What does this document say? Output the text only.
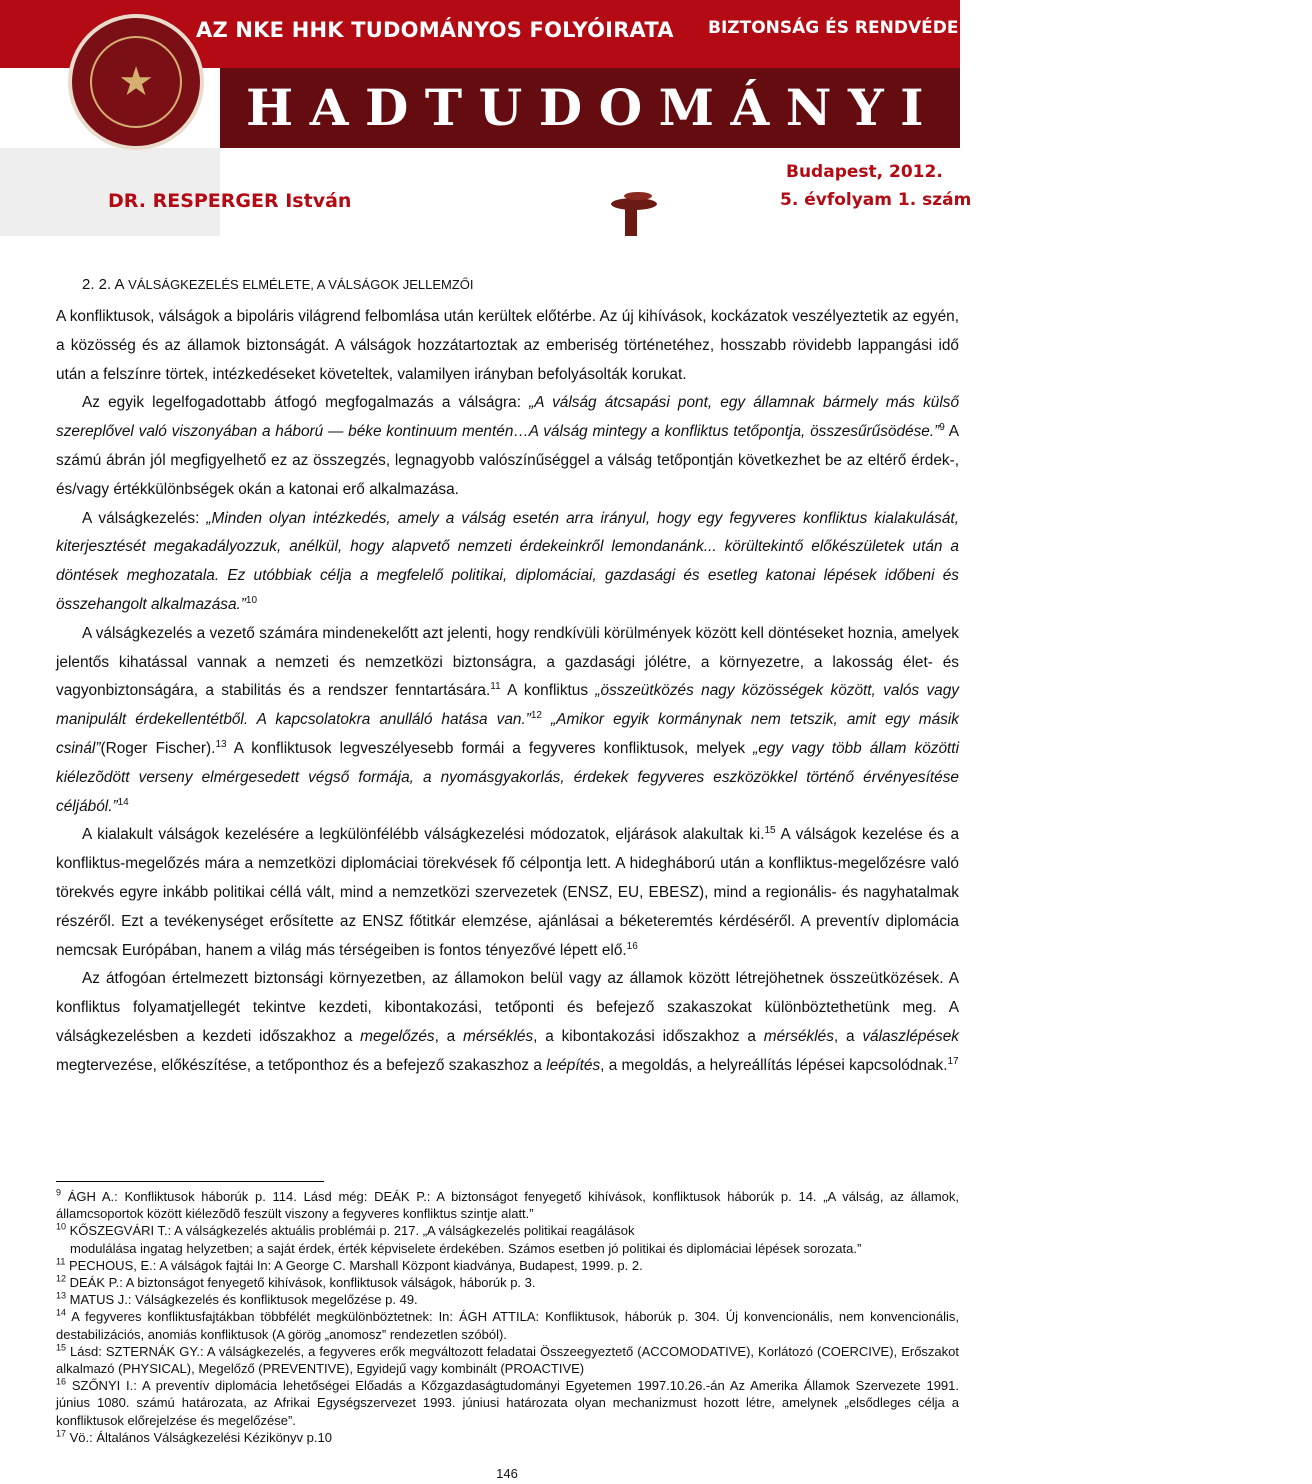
AZ NKE HHK TUDOMÁNYOS FOLYÓIRATA BIZTONSÁG ÉS RENDVÉDELEM
HADTUDOMÁNYI SZEMLE
★
DR. RESPERGER István
Budapest, 2012.
5. évfolyam 1. szám
2. 2. A VÁLSÁGKEZELÉS ELMÉLETE, A VÁLSÁGOK JELLEMZŐI

A konfliktusok, válságok a bipoláris világrend felbomlása után kerültek előtérbe. Az új kihívások, kockázatok veszélyeztetik az egyén, a közösség és az államok biztonságát. A válságok hozzátartoztak az emberiség történetéhez, hosszabb rövidebb lappangási idő után a felszínre törtek, intézkedéseket követeltek, valamilyen irányban befolyásolták korukat.

Az egyik legelfogadottabb átfogó megfogalmazás a válságra: „A válság átcsapási pont, egy államnak bármely más külső szereplővel való viszonyában a háború — béke kontinuum mentén…A válság mintegy a konfliktus tetőpontja, összesűrűsödése.”$^9$ A számú ábrán jól megfigyelhető ez az összegzés, legnagyobb valószínűséggel a válság tetőpontján következhet be az eltérő érdek-, és/vagy értékkülönbségek okán a katonai erő alkalmazása.

A válságkezelés: „Minden olyan intézkedés, amely a válság esetén arra irányul, hogy egy fegyveres konfliktus kialakulását, kiterjesztését megakadályozzuk, anélkül, hogy alapvető nemzeti érdekeinkről lemondanánk... körültekintő előkészületek után a döntések meghozatala. Ez utóbbiak célja a megfelelő politikai, diplomáciai, gazdasági és esetleg katonai lépések időbeni és összehangolt alkalmazása.”$^{10}$

A válságkezelés a vezető számára mindenekelőtt azt jelenti, hogy rendkívüli körülmények között kell döntéseket hoznia, amelyek jelentős kihatással vannak a nemzeti és nemzetközi biztonságra, a gazdasági jólétre, a környezetre, a lakosság élet- és vagyonbiztonságára, a stabilitás és a rendszer fenntartására.$^{11}$ A konfliktus „összeütközés nagy közösségek között, valós vagy manipulált érdekellentétből. A kapcsolatokra anulláló hatása van.”$^{12}$ „Amikor egyik kormánynak nem tetszik, amit egy másik csinál”(Roger Fischer).$^{13}$ A konfliktusok legveszélyesebb formái a fegyveres konfliktusok, melyek „egy vagy több állam közötti kiélezõdött verseny elmérgesedett végső formája, a nyomásgyakorlás, érdekek fegyveres eszközökkel történő érvényesítése céljából.”$^{14}$

A kialakult válságok kezelésére a legkülönfélébb válságkezelési módozatok, eljárások alakultak ki.$^{15}$ A válságok kezelése és a konfliktus-megelőzés mára a nemzetközi diplomáciai törekvések fő célpontja lett. A hidegháború után a konfliktus-megelőzésre való törekvés egyre inkább politikai céllá vált, mind a nemzetközi szervezetek (ENSZ, EU, EBESZ), mind a regionális- és nagyhatalmak részéről. Ezt a tevékenységet erősítette az ENSZ főtitkár elemzése, ajánlásai a béketeremtés kérdéséről. A preventív diplomácia nemcsak Európában, hanem a világ más térségeiben is fontos tényezővé lépett elő.$^{16}$

Az átfogóan értelmezett biztonsági környezetben, az államokon belül vagy az államok között létrejöhetnek összeütközések. A konfliktus folyamatjellegét tekintve kezdeti, kibontakozási, tetőponti és befejező szakaszokat különböztethetünk meg. A válságkezelésben a kezdeti időszakhoz a megelőzés, a mérséklés, a kibontakozási időszakhoz a mérséklés, a válaszlépések megtervezése, előkészítése, a tetőponthoz és a befejező szakaszhoz a leépítés, a megoldás, a helyreállítás lépései kapcsolódnak.$^{17}$

$^9$ ÁGH A.: Konfliktusok háborúk p. 114. Lásd még: DEÁK P.: A biztonságot fenyegető kihívások, konfliktusok háborúk p. 14. „A válság, az államok, államcsoportok között kiélezõdõ feszült viszony a fegyveres konfliktus szintje alatt.”

$^{10}$ KŐSZEGVÁRI T.: A válságkezelés aktuális problémái p. 217. „A válságkezelés politikai reagálások

modulálása ingatag helyzetben; a saját érdek, érték képviselete érdekében. Számos esetben jó politikai és diplomáciai lépések sorozata.”

$^{11}$ PECHOUS, E.: A válságok fajtái In: A George C. Marshall Központ kiadványa, Budapest, 1999. p. 2.

$^{12}$ DEÁK P.: A biztonságot fenyegető kihívások, konfliktusok válságok, háborúk p. 3.

$^{13}$ MATUS J.: Válságkezelés és konfliktusok megelőzése p. 49.

$^{14}$ A fegyveres konfliktusfajtákban többfélét megkülönböztetnek: In: ÁGH ATTILA: Konfliktusok, háborúk p. 304. Új konvencionális, nem konvencionális, destabilizációs, anomiás konfliktusok (A görög „anomosz” rendezetlen szóból).

$^{15}$ Lásd: SZTERNÁK GY.: A válságkezelés, a fegyveres erők megváltozott feladatai Összeegyeztető (ACCOMODATIVE), Korlátozó (COERCIVE), Erőszakot alkalmazó (PHYSICAL), Megelőző (PREVENTIVE), Egyidejű vagy kombinált (PROACTIVE)

$^{16}$ SZŐNYI I.: A preventív diplomácia lehetőségei Előadás a Kőzgazdaságtudományi Egyetemen 1997.10.26.-án Az Amerika Államok Szervezete 1991. június 1080. számú határozata, az Afrikai Egységszervezet 1993. júniusi határozata olyan mechanizmust hozott létre, amelynek „elsődleges célja a konfliktusok előrejelzése és megelőzése”.

$^{17}$ Vö.: Általános Válságkezelési Kézikönyv p.10

146
